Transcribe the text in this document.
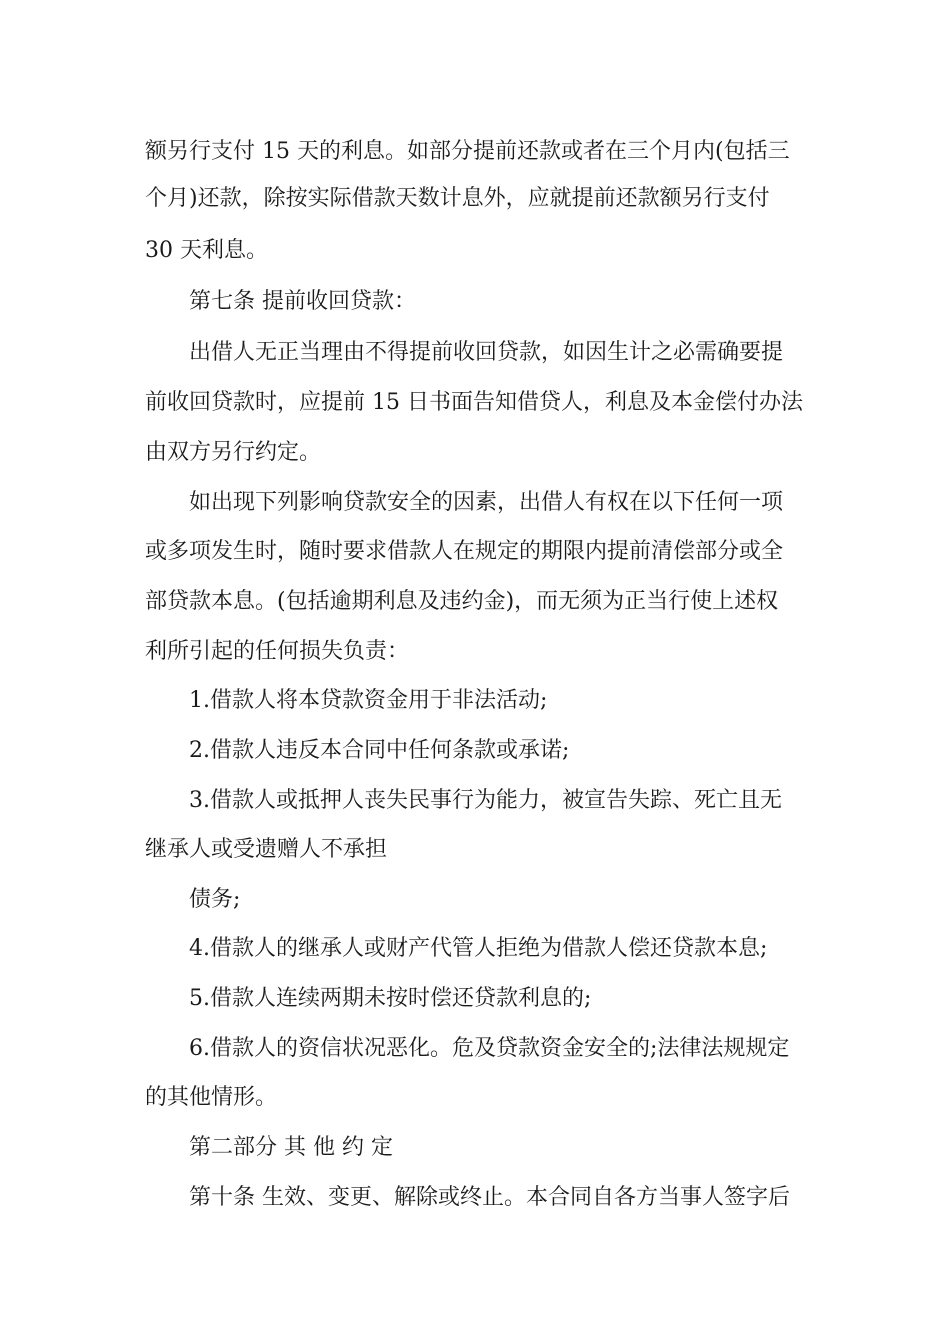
额另行支付 15 天的利息。如部分提前还款或者在三个月内(包括三
个月)还款，除按实际借款天数计息外，应就提前还款额另行支付
30 天利息。
第七条 提前收回贷款：
出借人无正当理由不得提前收回贷款，如因生计之必需确要提
前收回贷款时，应提前 15 日书面告知借贷人，利息及本金偿付办法
由双方另行约定。
如出现下列影响贷款安全的因素，出借人有权在以下任何一项
或多项发生时，随时要求借款人在规定的期限内提前清偿部分或全
部贷款本息。(包括逾期利息及违约金)，而无须为正当行使上述权
利所引起的任何损失负责：
1.借款人将本贷款资金用于非法活动;
2.借款人违反本合同中任何条款或承诺;
3.借款人或抵押人丧失民事行为能力，被宣告失踪、死亡且无
继承人或受遗赠人不承担
债务;
4.借款人的继承人或财产代管人拒绝为借款人偿还贷款本息;
5.借款人连续两期未按时偿还贷款利息的;
6.借款人的资信状况恶化。危及贷款资金安全的;法律法规规定
的其他情形。
第二部分 其 他 约 定
第十条 生效、变更、解除或终止。本合同自各方当事人签字后
